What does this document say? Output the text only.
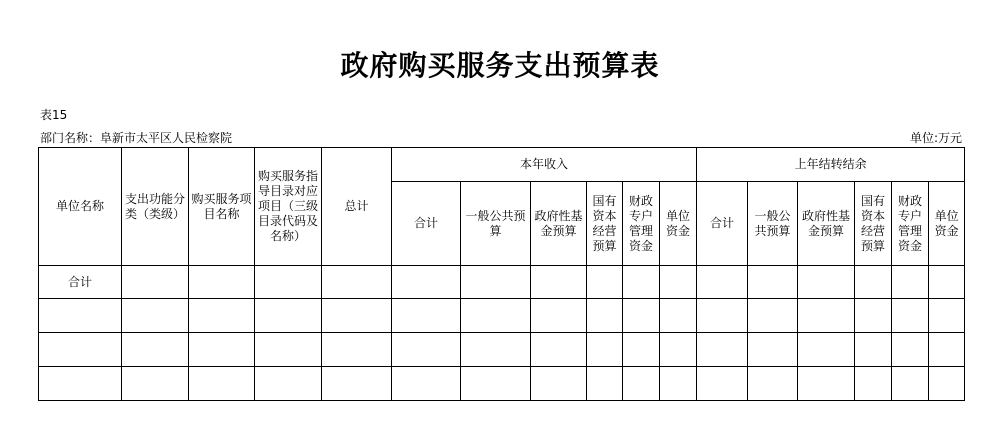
政府购买服务支出预算表
表15
部门名称：阜新市太平区人民检察院	单位:万元
单位名称	支出功能分类（类级）	购买服务项目名称	购买服务指导目录对应项目（三级目录代码及名称）	总计	本年收入						上年结转结余					
					合计	一般公共预算	政府性基金预算	国有资本经营预算	财政专户管理资金	单位资金	合计	一般公共预算	政府性基金预算	国有资本经营预算	财政专户管理资金	单位资金
合计																
